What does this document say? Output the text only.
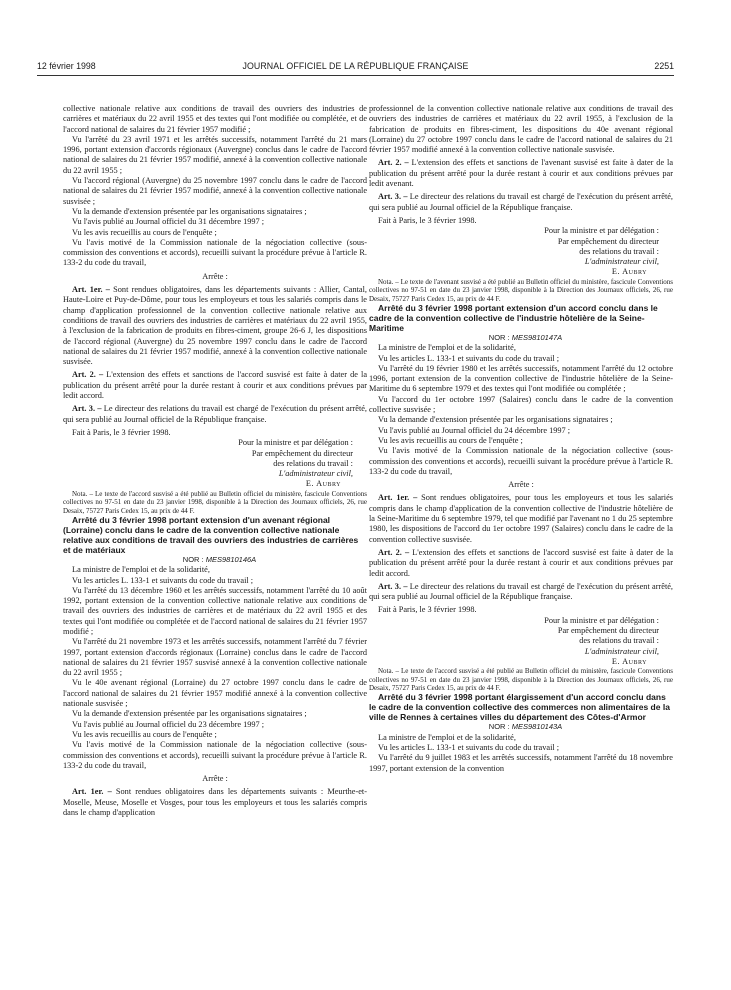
12 février 1998	JOURNAL OFFICIEL DE LA RÉPUBLIQUE FRANÇAISE	2251

collective nationale relative aux conditions de travail des ouvriers des industries de carrières et matériaux du 22 avril 1955 et des textes qui l'ont modifiée ou complétée, et de l'accord national de salaires du 21 février 1957 modifié ;

Vu l'arrêté du 23 avril 1971 et les arrêtés successifs, notamment l'arrêté du 21 mars 1996, portant extension d'accords régionaux (Auvergne) conclus dans le cadre de l'accord national de salaires du 21 février 1957 modifié, annexé à la convention collective nationale du 22 avril 1955 ;

Vu l'accord régional (Auvergne) du 25 novembre 1997 conclu dans le cadre de l'accord national de salaires du 21 février 1957 modifié, annexé à la convention collective nationale susvisée ;

Vu la demande d'extension présentée par les organisations signataires ;

Vu l'avis publié au Journal officiel du 31 décembre 1997 ;

Vu les avis recueillis au cours de l'enquête ;

Vu l'avis motivé de la Commission nationale de la négociation collective (sous-commission des conventions et accords), recueilli suivant la procédure prévue à l'article R. 133-2 du code du travail,

Arrête :

Art. 1er. – Sont rendues obligatoires, dans les départements suivants : Allier, Cantal, Haute-Loire et Puy-de-Dôme, pour tous les employeurs et tous les salariés compris dans le champ d'application professionnel de la convention collective nationale relative aux conditions de travail des ouvriers des industries de carrières et matériaux du 22 avril 1955, à l'exclusion de la fabrication de produits en fibres-ciment, groupe 26-6 J, les dispositions de l'accord régional (Auvergne) du 25 novembre 1997 conclu dans le cadre de l'accord national de salaires du 21 février 1957 modifié, annexé à la convention collective nationale susvisée.

Art. 2. – L'extension des effets et sanctions de l'accord susvisé est faite à dater de la publication du présent arrêté pour la durée restant à courir et aux conditions prévues par ledit accord.

Art. 3. – Le directeur des relations du travail est chargé de l'exécution du présent arrêté, qui sera publié au Journal officiel de la République française.

Fait à Paris, le 3 février 1998.

Pour la ministre et par délégation :

Par empêchement du directeur

des relations du travail :

L'administrateur civil,

E. Aubry

Nota. – Le texte de l'accord susvisé a été publié au Bulletin officiel du ministère, fascicule Conventions collectives no 97-51 en date du 23 janvier 1998, disponible à la Direction des Journaux officiels, 26, rue Desaix, 75727 Paris Cedex 15, au prix de 44 F.

Arrêté du 3 février 1998 portant extension d'un avenant régional (Lorraine) conclu dans le cadre de la convention collective nationale relative aux conditions de travail des ouvriers des industries de carrières et de matériaux

NOR : MES9810146A

La ministre de l'emploi et de la solidarité,

Vu les articles L. 133-1 et suivants du code du travail ;

Vu l'arrêté du 13 décembre 1960 et les arrêtés successifs, notamment l'arrêté du 10 août 1992, portant extension de la convention collective nationale relative aux conditions de travail des ouvriers des industries de carrières et de matériaux du 22 avril 1955 et des textes qui l'ont modifiée ou complétée et de l'accord national de salaires du 21 février 1957 modifié ;

Vu l'arrêté du 21 novembre 1973 et les arrêtés successifs, notamment l'arrêté du 7 février 1997, portant extension d'accords régionaux (Lorraine) conclus dans le cadre de l'accord national de salaires du 21 février 1957 susvisé annexé à la convention collective nationale du 22 avril 1955 ;

Vu le 40e avenant régional (Lorraine) du 27 octobre 1997 conclu dans le cadre de l'accord national de salaires du 21 février 1957 modifié annexé à la convention collective nationale susvisée ;

Vu la demande d'extension présentée par les organisations signataires ;

Vu l'avis publié au Journal officiel du 23 décembre 1997 ;

Vu les avis recueillis au cours de l'enquête ;

Vu l'avis motivé de la Commission nationale de la négociation collective (sous-commission des conventions et accords), recueilli suivant la procédure prévue à l'article R. 133-2 du code du travail,

Arrête :

Art. 1er. – Sont rendues obligatoires dans les départements suivants : Meurthe-et-Moselle, Meuse, Moselle et Vosges, pour tous les employeurs et tous les salariés compris dans le champ d'application

professionnel de la convention collective nationale relative aux conditions de travail des ouvriers des industries de carrières et matériaux du 22 avril 1955, à l'exclusion de la fabrication de produits en fibres-ciment, les dispositions du 40e avenant régional (Lorraine) du 27 octobre 1997 conclu dans le cadre de l'accord national de salaires du 21 février 1957 modifié annexé à la convention collective nationale susvisée.

Art. 2. – L'extension des effets et sanctions de l'avenant susvisé est faite à dater de la publication du présent arrêté pour la durée restant à courir et aux conditions prévues par ledit avenant.

Art. 3. – Le directeur des relations du travail est chargé de l'exécution du présent arrêté, qui sera publié au Journal officiel de la République française.

Fait à Paris, le 3 février 1998.

Pour la ministre et par délégation :

Par empêchement du directeur

des relations du travail :

L'administrateur civil,

E. Aubry

Nota. – Le texte de l'avenant susvisé a été publié au Bulletin officiel du ministère, fascicule Conventions collectives no 97-51 en date du 23 janvier 1998, disponible à la Direction des Journaux officiels, 26, rue Desaix, 75727 Paris Cedex 15, au prix de 44 F.

Arrêté du 3 février 1998 portant extension d'un accord conclu dans le cadre de la convention collective de l'industrie hôtelière de la Seine-Maritime

NOR : MES9810147A

La ministre de l'emploi et de la solidarité,

Vu les articles L. 133-1 et suivants du code du travail ;

Vu l'arrêté du 19 février 1980 et les arrêtés successifs, notamment l'arrêté du 12 octobre 1996, portant extension de la convention collective de l'industrie hôtelière de la Seine-Maritime du 6 septembre 1979 et des textes qui l'ont modifiée ou complétée ;

Vu l'accord du 1er octobre 1997 (Salaires) conclu dans le cadre de la convention collective susvisée ;

Vu la demande d'extension présentée par les organisations signataires ;

Vu l'avis publié au Journal officiel du 24 décembre 1997 ;

Vu les avis recueillis au cours de l'enquête ;

Vu l'avis motivé de la Commission nationale de la négociation collective (sous-commission des conventions et accords), recueilli suivant la procédure prévue à l'article R. 133-2 du code du travail,

Arrête :

Art. 1er. – Sont rendues obligatoires, pour tous les employeurs et tous les salariés compris dans le champ d'application de la convention collective de l'industrie hôtelière de la Seine-Maritime du 6 septembre 1979, tel que modifié par l'avenant no 1 du 25 septembre 1980, les dispositions de l'accord du 1er octobre 1997 (Salaires) conclu dans le cadre de la convention collective susvisée.

Art. 2. – L'extension des effets et sanctions de l'accord susvisé est faite à dater de la publication du présent arrêté pour la durée restant à courir et aux conditions prévues par ledit accord.

Art. 3. – Le directeur des relations du travail est chargé de l'exécution du présent arrêté, qui sera publié au Journal officiel de la République française.

Fait à Paris, le 3 février 1998.

Pour la ministre et par délégation :

Par empêchement du directeur

des relations du travail :

L'administrateur civil,

E. Aubry

Nota. – Le texte de l'accord susvisé a été publié au Bulletin officiel du ministère, fascicule Conventions collectives no 97-51 en date du 23 janvier 1998, disponible à la Direction des Journaux officiels, 26, rue Desaix, 75727 Paris Cedex 15, au prix de 44 F.

Arrêté du 3 février 1998 portant élargissement d'un accord conclu dans le cadre de la convention collective des commerces non alimentaires de la ville de Rennes à certaines villes du département des Côtes-d'Armor

NOR : MES9810143A

La ministre de l'emploi et de la solidarité,

Vu les articles L. 133-1 et suivants du code du travail ;

Vu l'arrêté du 9 juillet 1983 et les arrêtés successifs, notamment l'arrêté du 18 novembre 1997, portant extension de la convention
